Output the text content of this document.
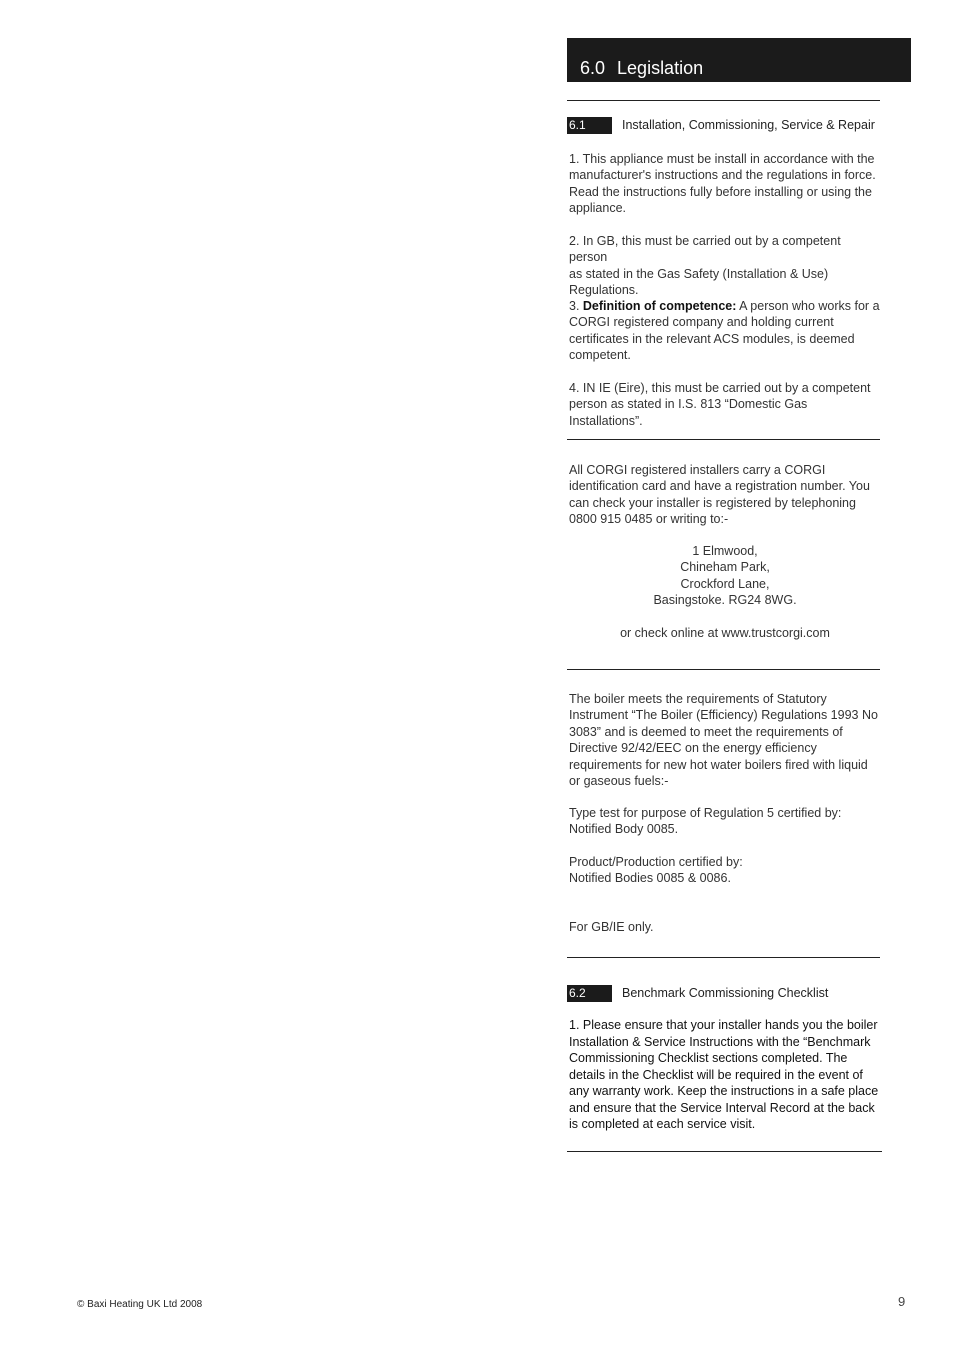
6.0 Legislation
6.1	Installation, Commissioning, Service & Repair

1. This appliance must be install in accordance with the
manufacturer's instructions and the regulations in force.
Read the instructions fully before installing or using the
appliance.

2. In GB, this must be carried out by a competent person
as stated in the Gas Safety (Installation & Use)
Regulations.

3. Definition of competence: A person who works for a
CORGI registered company and holding current
certificates in the relevant ACS modules, is deemed
competent.

4. IN IE (Eire), this must be carried out by a competent
person as stated in I.S. 813 “Domestic Gas Installations”.

All CORGI registered installers carry a CORGI
identification card and have a registration number. You
can check your installer is registered by telephoning
0800 915 0485 or writing to:-

1 Elmwood,
Chineham Park,
Crockford Lane,
Basingstoke. RG24 8WG.

or check online at www.trustcorgi.com

The boiler meets the requirements of Statutory
Instrument “The Boiler (Efficiency) Regulations 1993 No
3083” and is deemed to meet the requirements of
Directive 92/42/EEC on the energy efficiency
requirements for new hot water boilers fired with liquid
or gaseous fuels:-

Type test for purpose of Regulation 5 certified by:
Notified Body 0085.

Product/Production certified by:
Notified Bodies 0085 & 0086.

For GB/IE only.

6.2	Benchmark Commissioning Checklist

1. Please ensure that your installer hands you the boiler
Installation & Service Instructions with the “Benchmark
Commissioning Checklist sections completed. The
details in the Checklist will be required in the event of
any warranty work. Keep the instructions in a safe place
and ensure that the Service Interval Record at the back
is completed at each service visit.

© Baxi Heating UK Ltd 2008	9
